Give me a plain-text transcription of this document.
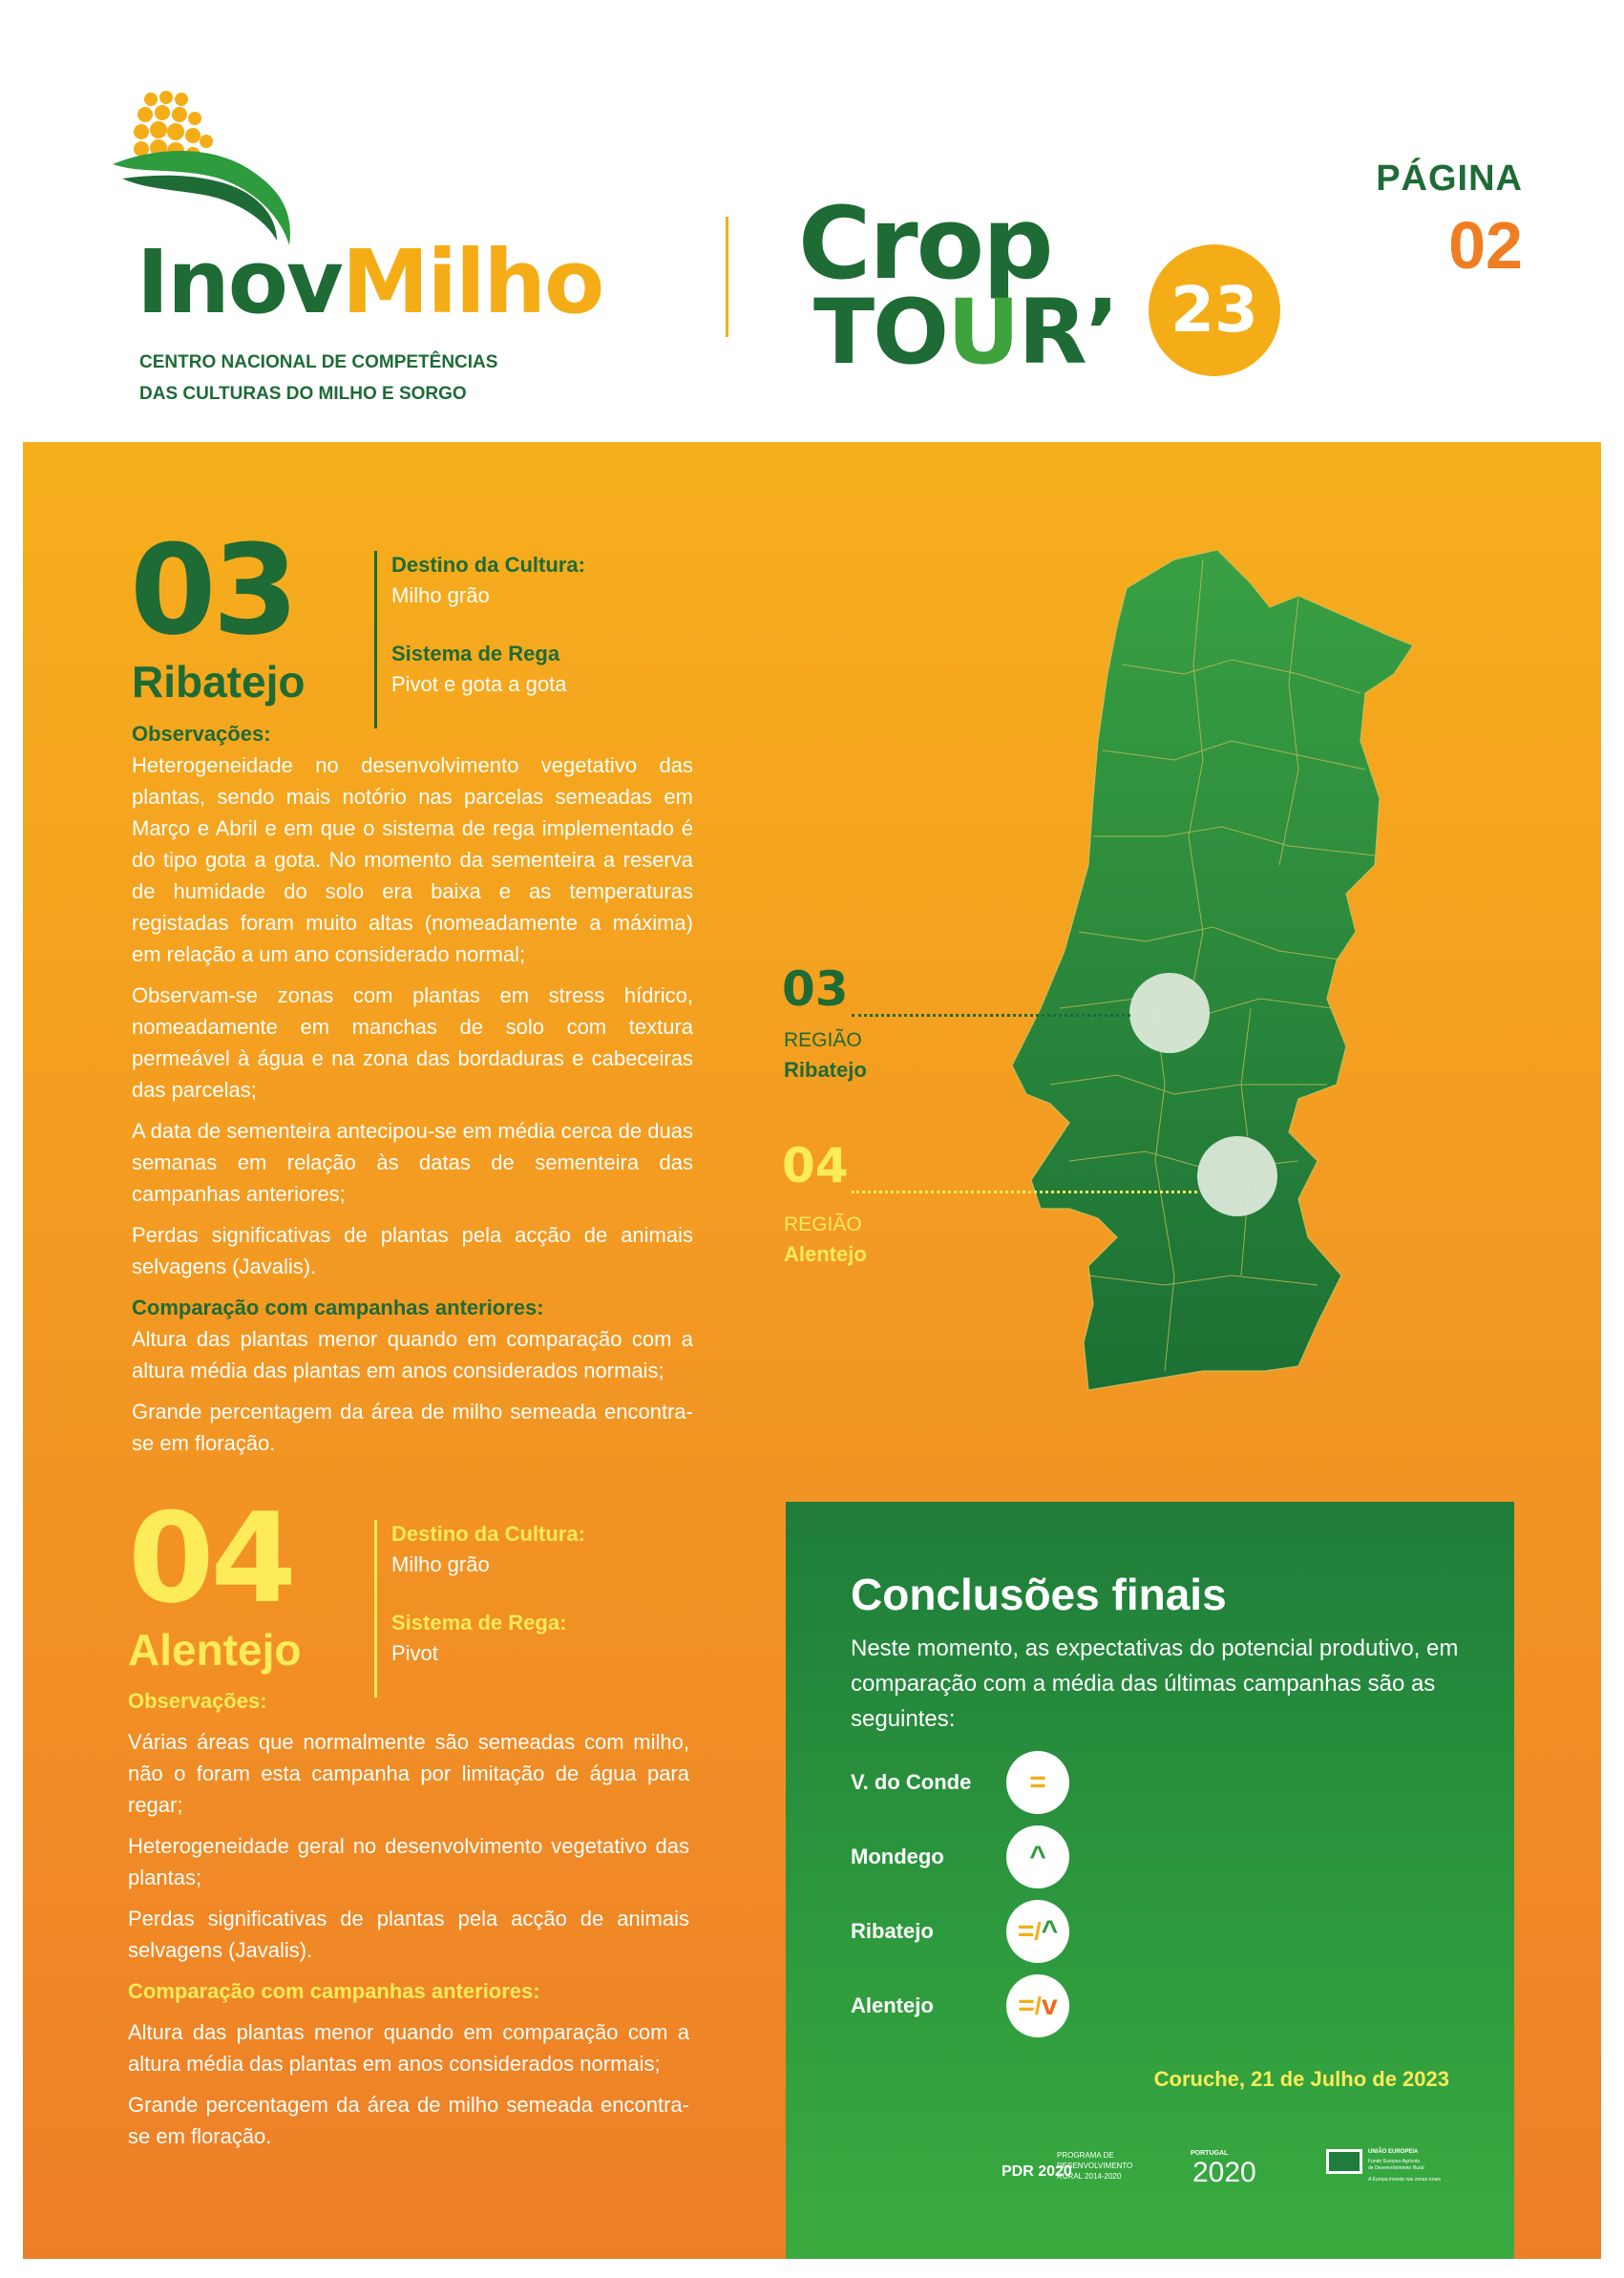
InovMilho
CENTRO NACIONAL DE COMPETÊNCIAS
DAS CULTURAS DO MILHO E SORGO
Crop
TOUR’ 23
PÁGINA
02
03
Ribatejo
Destino da Cultura:
Milho grão
Sistema de Rega
Pivot e gota a gota
Observações:

Heterogeneidade no desenvolvimento vegetativo das plantas, sendo mais notório nas parcelas semeadas em Março e Abril e em que o sistema de rega implementado é do tipo gota a gota. No momento da sementeira a reserva de humidade do solo era baixa e as temperaturas registadas foram muito altas (nomeadamente a máxima) em relação a um ano considerado normal;

Observam-se zonas com plantas em stress hídrico, nomeadamente em manchas de solo com textura permeável à água e na zona das bordaduras e cabeceiras das parcelas;

A data de sementeira antecipou-se em média cerca de duas semanas em relação às datas de sementeira das campanhas anteriores;

Perdas significativas de plantas pela acção de animais selvagens (Javalis).

Comparação com campanhas anteriores:

Altura das plantas menor quando em comparação com a altura média das plantas em anos considerados normais;

Grande percentagem da área de milho semeada encontra-se em floração.

04
Alentejo
Destino da Cultura:
Milho grão
Sistema de Rega:
Pivot
Observações:

Várias áreas que normalmente são semeadas com milho, não o foram esta campanha por limitação de água para regar;

Heterogeneidade geral no desenvolvimento vegetativo das plantas;

Perdas significativas de plantas pela acção de animais selvagens (Javalis).

Comparação com campanhas anteriores:

Altura das plantas menor quando em comparação com a altura média das plantas em anos considerados normais;

Grande percentagem da área de milho semeada encontra-se em floração.

03
REGIÃO
Ribatejo
04
REGIÃO
Alentejo
Conclusões finais
Neste momento, as expectativas do potencial produtivo, em comparação com a média das últimas campanhas são as seguintes:
V. do Conde	=
Mondego	^
Ribatejo	=/^
Alentejo	=/v
Coruche, 21 de Julho de 2023
PDR 2020
PROGRAMA DE
DESENVOLVIMENTO
RURAL 2014-2020
PORTUGAL
2020
UNIÃO EUROPEIA
Fundo Europeu Agrícola
de Desenvolvimento Rural
A Europa investe nas zonas rurais
